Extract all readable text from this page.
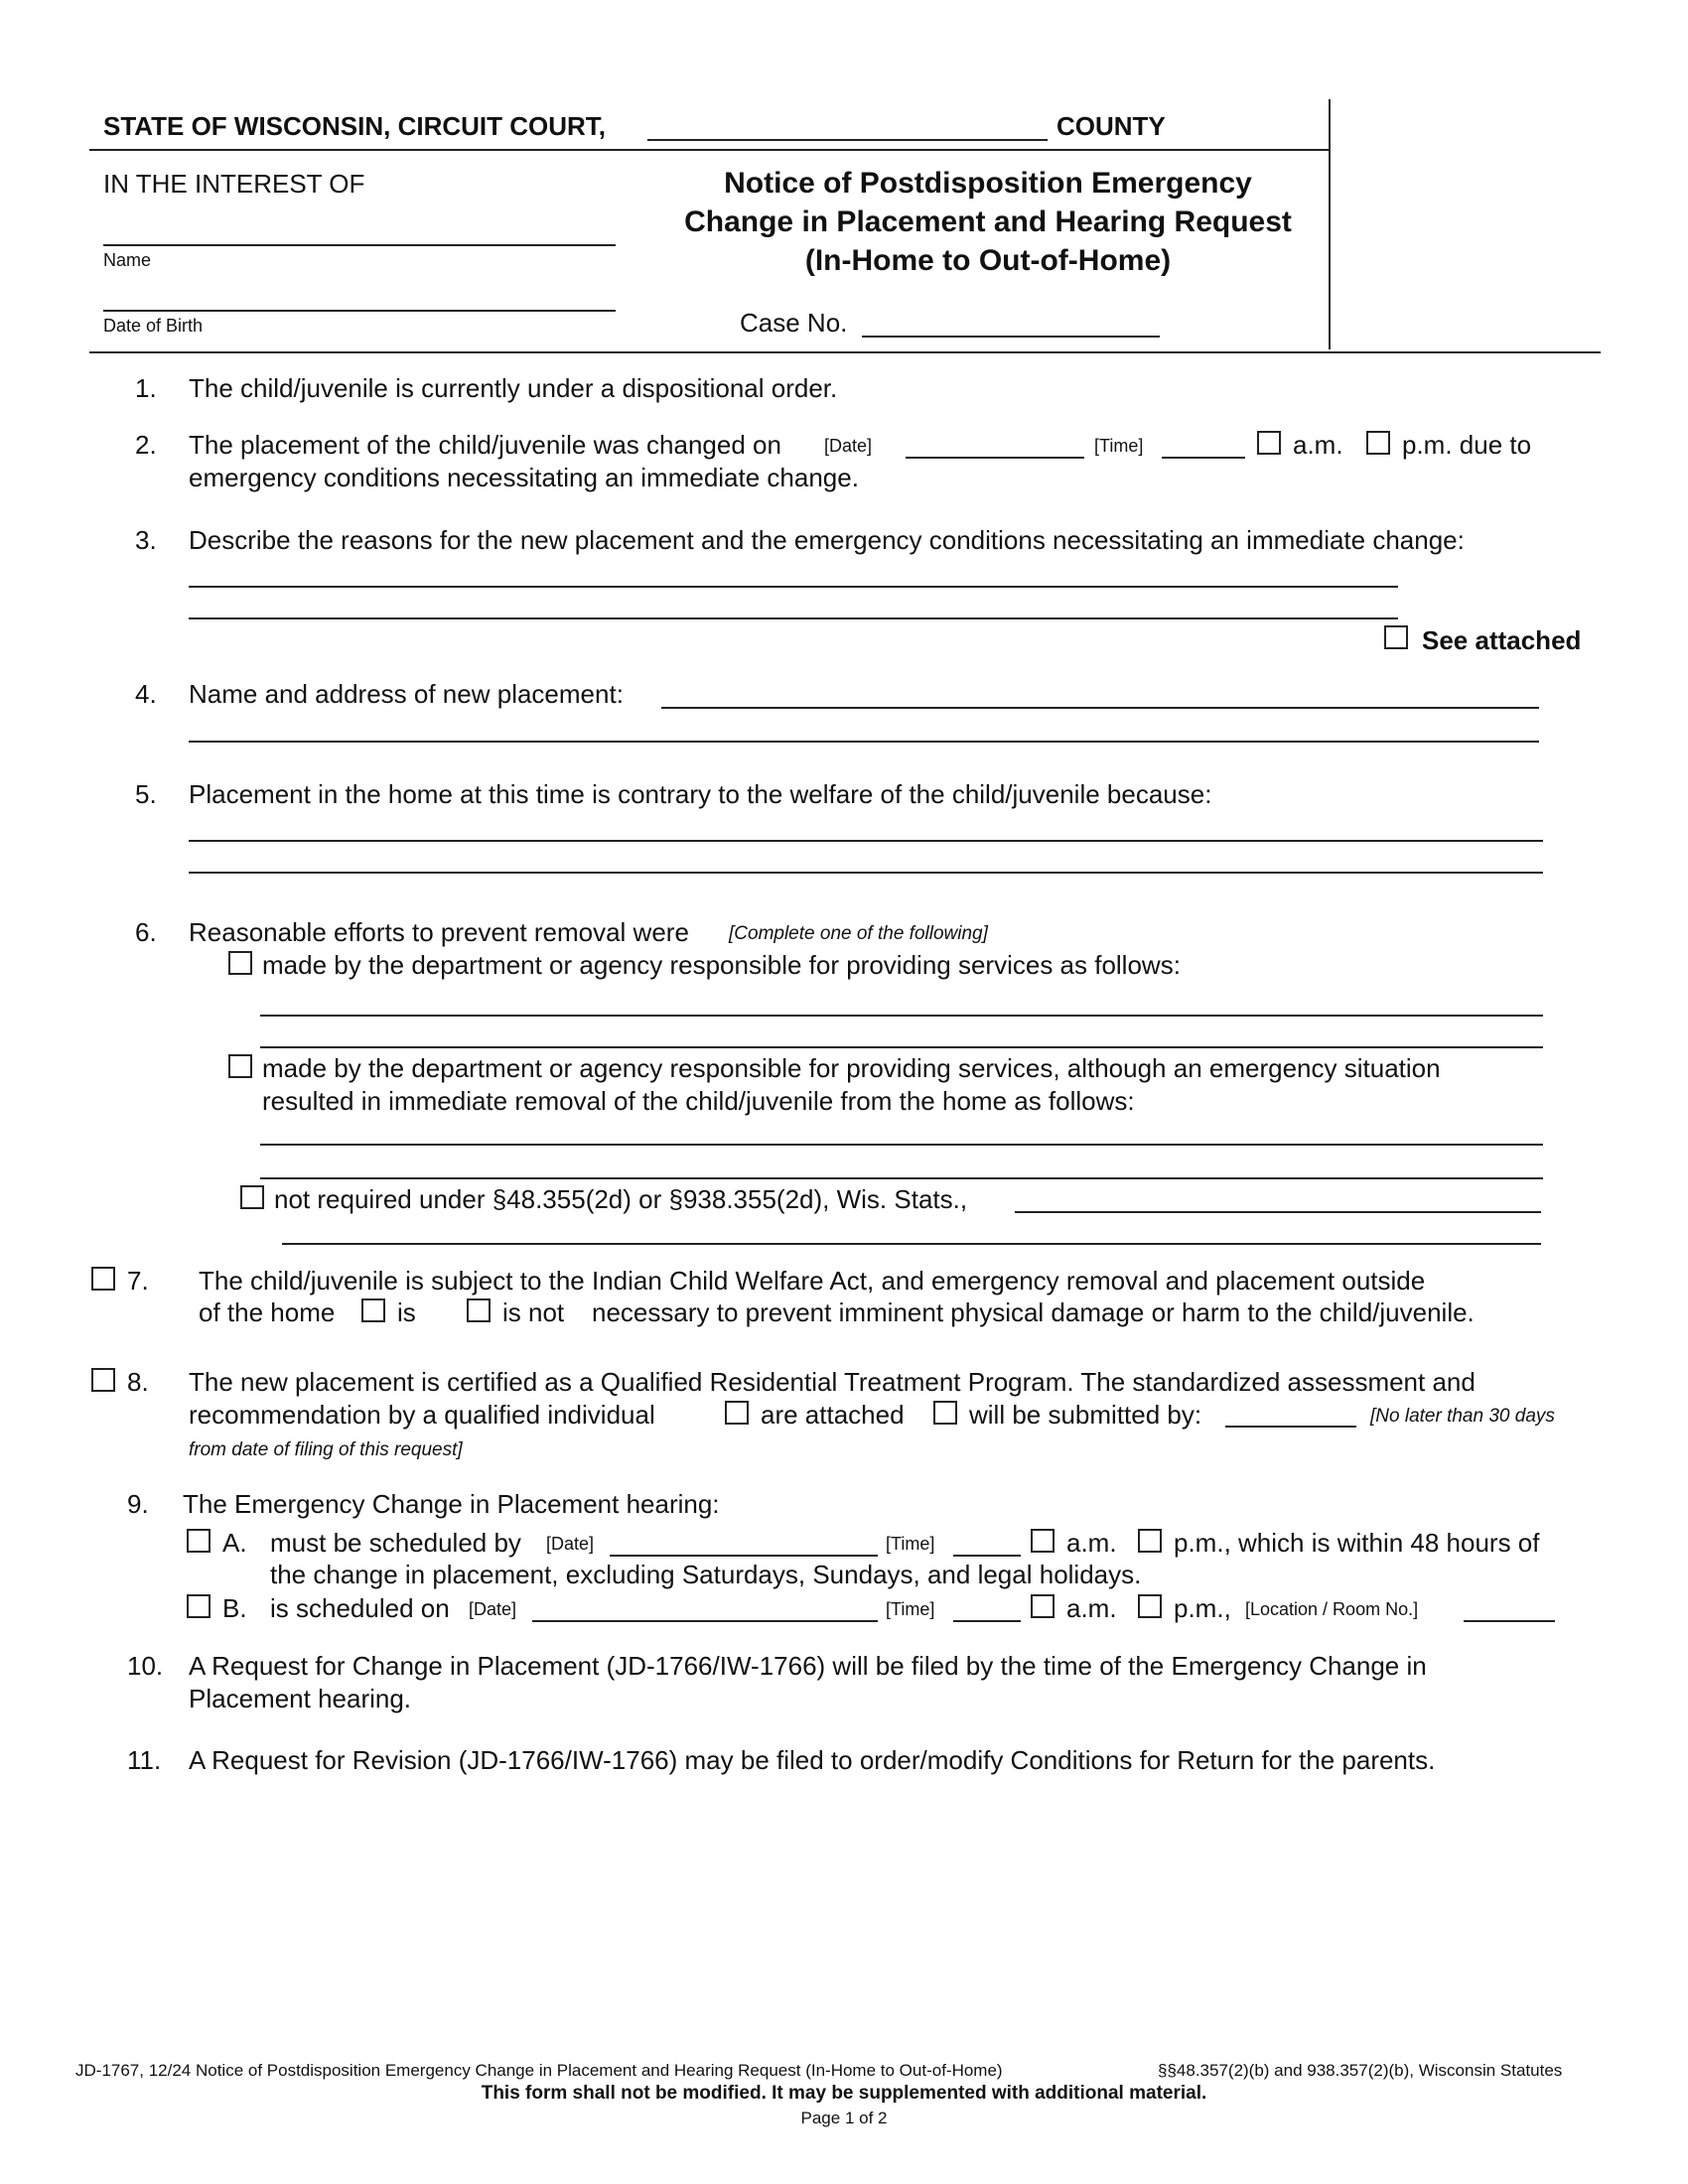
STATE OF WISCONSIN, CIRCUIT COURT,	COUNTY
IN THE INTEREST OF
Name
Date of Birth
Notice of Postdisposition Emergency
Change in Placement and Hearing Request
(In-Home to Out-of-Home)
Case No.
1. The child/juvenile is currently under a dispositional order.
2. The placement of the child/juvenile was changed on [Date]	[Time]	a.m. p.m. due to
emergency conditions necessitating an immediate change.
3. Describe the reasons for the new placement and the emergency conditions necessitating an immediate change:
See attached
4. Name and address of new placement:
5. Placement in the home at this time is contrary to the welfare of the child/juvenile because:
6. Reasonable efforts to prevent removal were [Complete one of the following]
made by the department or agency responsible for providing services as follows:
made by the department or agency responsible for providing services, although an emergency situation
resulted in immediate removal of the child/juvenile from the home as follows:
not required under §48.355(2d) or §938.355(2d), Wis. Stats.,
7. The child/juvenile is subject to the Indian Child Welfare Act, and emergency removal and placement outside
of the home is	is not necessary to prevent imminent physical damage or harm to the child/juvenile.
8. The new placement is certified as a Qualified Residential Treatment Program. The standardized assessment and
recommendation by a qualified individual	are attached	will be submitted by:	[No later than 30 days
from date of filing of this request]
9. The Emergency Change in Placement hearing:
A. must be scheduled by [Date]	[Time]	a.m. p.m., which is within 48 hours of
the change in placement, excluding Saturdays, Sundays, and legal holidays.
B. is scheduled on [Date]	[Time]	a.m. p.m., [Location / Room No.]
10. A Request for Change in Placement (JD-1766/IW-1766) will be filed by the time of the Emergency Change in
Placement hearing.
11. A Request for Revision (JD-1766/IW-1766) may be filed to order/modify Conditions for Return for the parents.
JD-1767, 12/24 Notice of Postdisposition Emergency Change in Placement and Hearing Request (In-Home to Out-of-Home)	§§48.357(2)(b) and 938.357(2)(b), Wisconsin Statutes
This form shall not be modified. It may be supplemented with additional material.
Page 1 of 2
